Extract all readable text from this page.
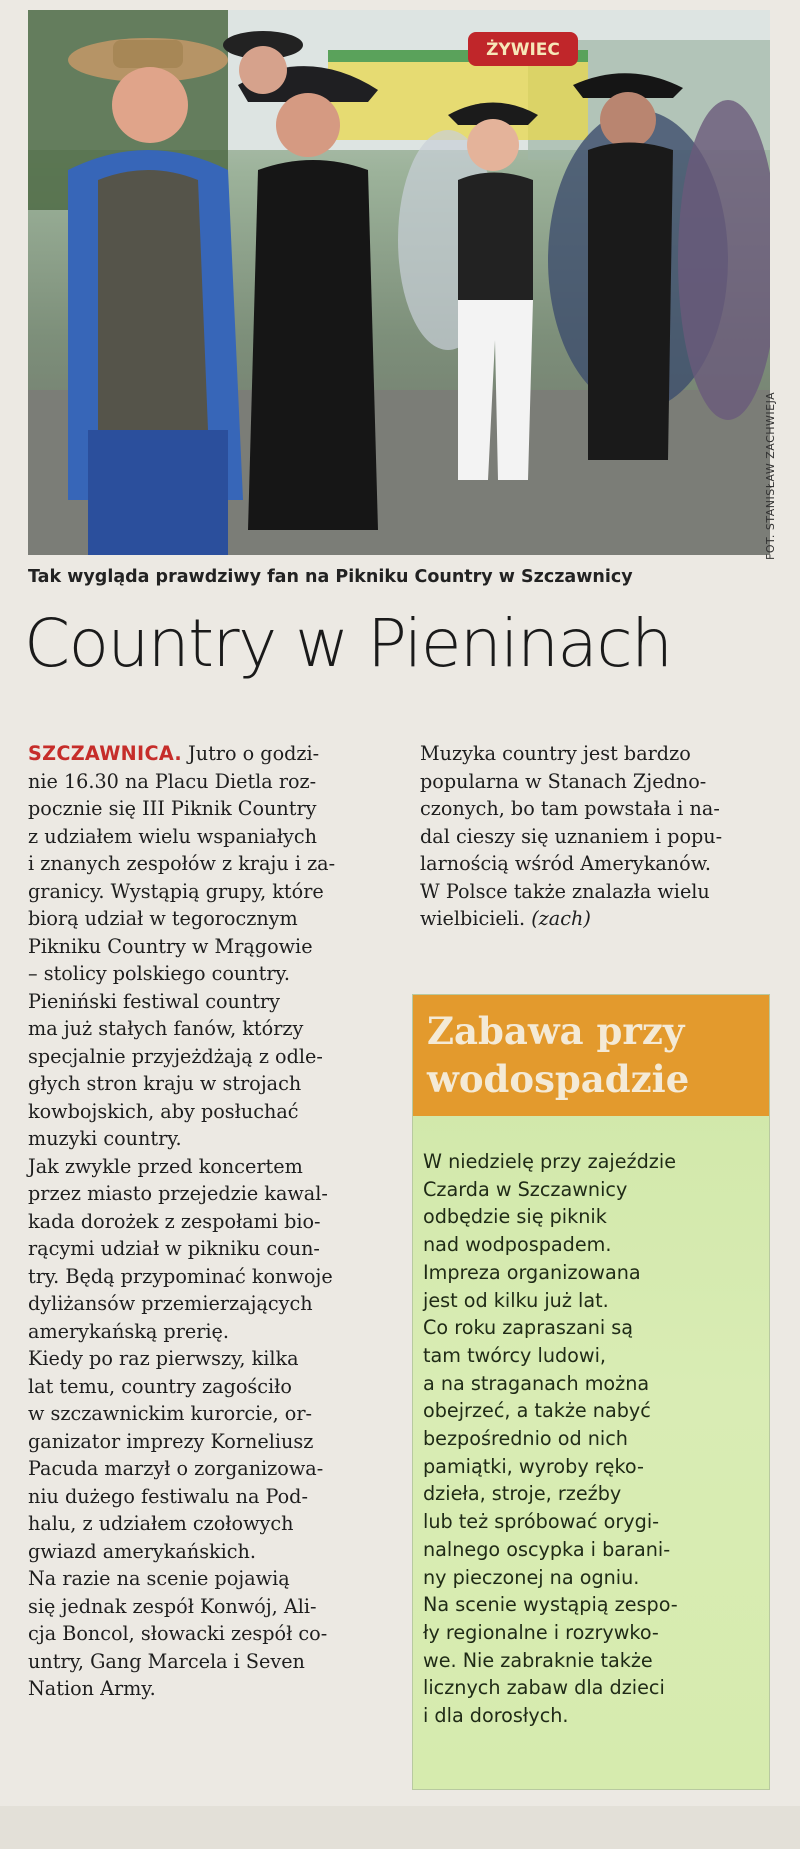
ŻYWIEC
FOT. STANISŁAW ZACHWIEJA
Tak wygląda prawdziwy fan na Pikniku Country w Szczawnicy
Country w Pieninach
SZCZAWNICA. Jutro o godzi-
nie 16.30 na Placu Dietla roz-
pocznie się III Piknik Country
z udziałem wielu wspaniałych
i znanych zespołów z kraju i za-
granicy. Wystąpią grupy, które
biorą udział w tegorocznym
Pikniku Country w Mrągowie
– stolicy polskiego country.
Pieniński festiwal country
ma już stałych fanów, którzy
specjalnie przyjeżdżają z odle-
głych stron kraju w strojach
kowbojskich, aby posłuchać
muzyki country.
Jak zwykle przed koncertem
przez miasto przejedzie kawal-
kada dorożek z zespołami bio-
rącymi udział w pikniku coun-
try. Będą przypominać konwoje
dyliżansów przemierzających
amerykańską prerię.
Kiedy po raz pierwszy, kilka
lat temu, country zagościło
w szczawnickim kurorcie, or-
ganizator imprezy Korneliusz
Pacuda marzył o zorganizowa-
niu dużego festiwalu na Pod-
halu, z udziałem czołowych
gwiazd amerykańskich.
Na razie na scenie pojawią
się jednak zespół Konwój, Ali-
cja Boncol, słowacki zespół co-
untry, Gang Marcela i Seven
Nation Army.
Muzyka country jest bardzo
popularna w Stanach Zjedno-
czonych, bo tam powstała i na-
dal cieszy się uznaniem i popu-
larnością wśród Amerykanów.
W Polsce także znalazła wielu
wielbicieli. (zach)
Zabawa przy
wodospadzie
W niedzielę przy zajeździe
Czarda w Szczawnicy
odbędzie się piknik
nad wodpospadem.
Impreza organizowana
jest od kilku już lat.
Co roku zapraszani są
tam twórcy ludowi,
a na straganach można
obejrzeć, a także nabyć
bezpośrednio od nich
pamiątki, wyroby ręko-
dzieła, stroje, rzeźby
lub też spróbować orygi-
nalnego oscypka i barani-
ny pieczonej na ogniu.
Na scenie wystąpią zespo-
ły regionalne i rozrywko-
we. Nie zabraknie także
licznych zabaw dla dzieci
i dla dorosłych.
